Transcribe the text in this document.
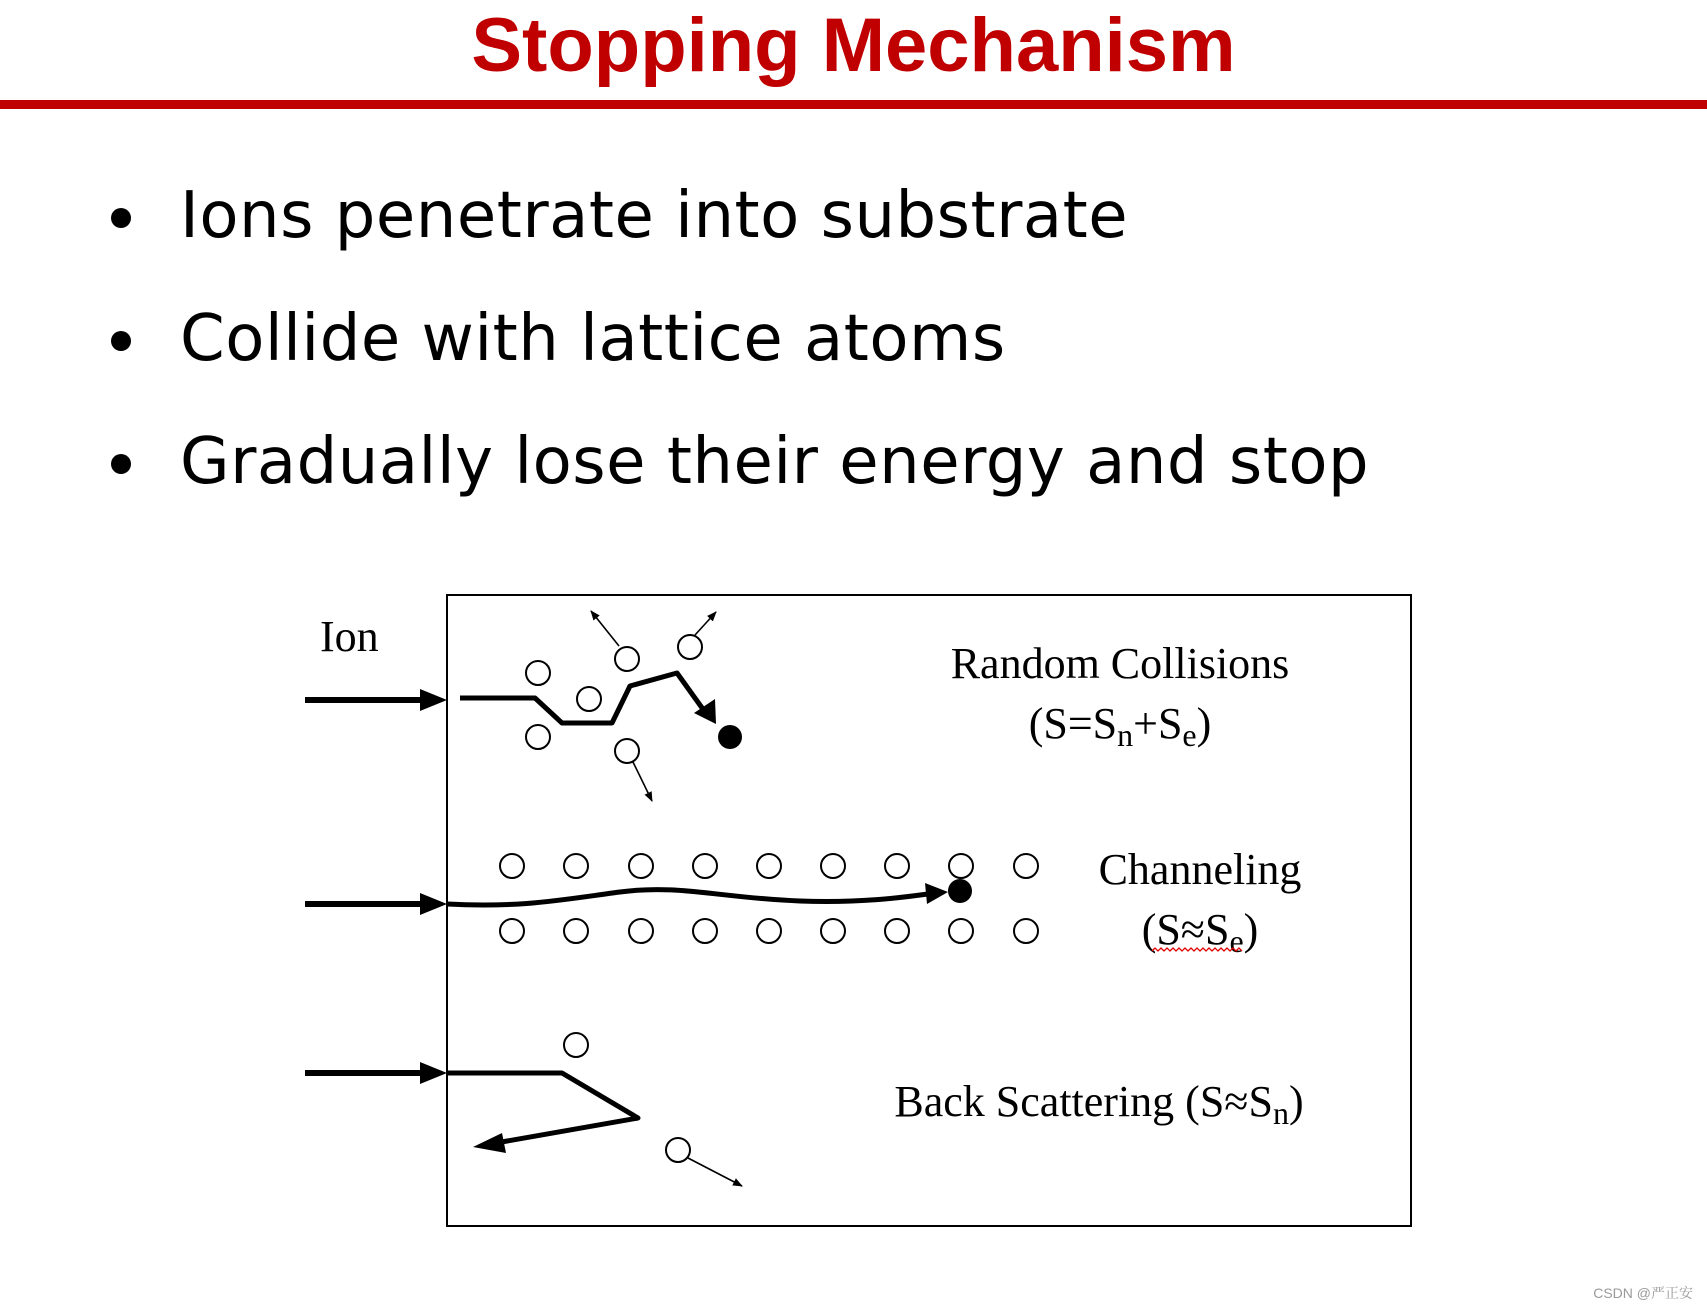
Stopping Mechanism
Ions penetrate into substrate
Collide with lattice atoms
Gradually lose their energy and stop
Ion
Random Collisions
(S=Sn+Se)
Channeling
(S≈Se)
Back Scattering (S≈Sn)
CSDN @严正安
